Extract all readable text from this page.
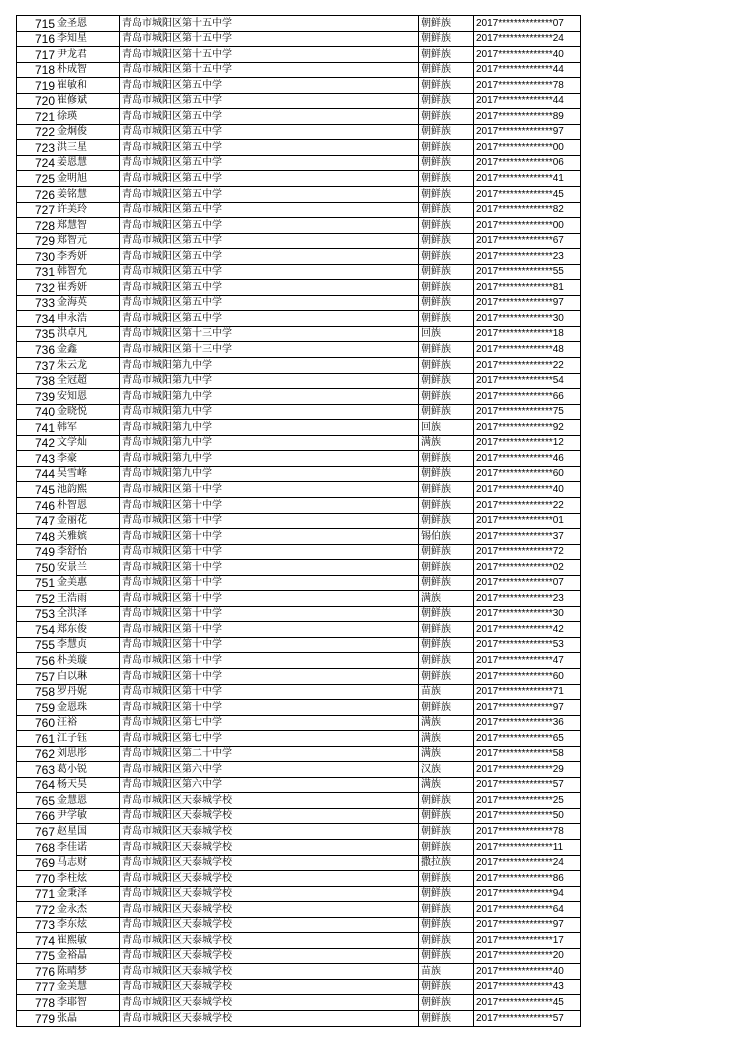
715	金圣恩	青岛市城阳区第十五中学	朝鲜族	2017**************07
716	李知星	青岛市城阳区第十五中学	朝鲜族	2017**************24
717	尹龙君	青岛市城阳区第十五中学	朝鲜族	2017**************40
718	朴成智	青岛市城阳区第十五中学	朝鲜族	2017**************44
719	崔敏和	青岛市城阳区第五中学	朝鲜族	2017**************78
720	崔修斌	青岛市城阳区第五中学	朝鲜族	2017**************44
721	徐瑛	青岛市城阳区第五中学	朝鲜族	2017**************89
722	金炯俊	青岛市城阳区第五中学	朝鲜族	2017**************97
723	洪三星	青岛市城阳区第五中学	朝鲜族	2017**************00
724	姜恩慧	青岛市城阳区第五中学	朝鲜族	2017**************06
725	金明旭	青岛市城阳区第五中学	朝鲜族	2017**************41
726	姜铭慧	青岛市城阳区第五中学	朝鲜族	2017**************45
727	许美玲	青岛市城阳区第五中学	朝鲜族	2017**************82
728	郑慧智	青岛市城阳区第五中学	朝鲜族	2017**************00
729	郑智元	青岛市城阳区第五中学	朝鲜族	2017**************67
730	李秀妍	青岛市城阳区第五中学	朝鲜族	2017**************23
731	韩智允	青岛市城阳区第五中学	朝鲜族	2017**************55
732	崔秀妍	青岛市城阳区第五中学	朝鲜族	2017**************81
733	金海英	青岛市城阳区第五中学	朝鲜族	2017**************97
734	申永浩	青岛市城阳区第五中学	朝鲜族	2017**************30
735	洪卓凡	青岛市城阳区第十三中学	回族	2017**************18
736	金鑫	青岛市城阳区第十三中学	朝鲜族	2017**************48
737	朱云龙	青岛市城阳第九中学	朝鲜族	2017**************22
738	全冠超	青岛市城阳第九中学	朝鲜族	2017**************54
739	安知恩	青岛市城阳第九中学	朝鲜族	2017**************66
740	金晓悦	青岛市城阳第九中学	朝鲜族	2017**************75
741	韩军	青岛市城阳第九中学	回族	2017**************92
742	文学灿	青岛市城阳第九中学	满族	2017**************12
743	李豪	青岛市城阳第九中学	朝鲜族	2017**************46
744	吴雪峰	青岛市城阳第九中学	朝鲜族	2017**************60
745	池韵熙	青岛市城阳区第十中学	朝鲜族	2017**************40
746	朴智恩	青岛市城阳区第十中学	朝鲜族	2017**************22
747	金丽花	青岛市城阳区第十中学	朝鲜族	2017**************01
748	关雅嫔	青岛市城阳区第十中学	锡伯族	2017**************37
749	李舒怡	青岛市城阳区第十中学	朝鲜族	2017**************72
750	安景兰	青岛市城阳区第十中学	朝鲜族	2017**************02
751	金美惠	青岛市城阳区第十中学	朝鲜族	2017**************07
752	王浩雨	青岛市城阳区第十中学	满族	2017**************23
753	全洪泽	青岛市城阳区第十中学	朝鲜族	2017**************30
754	郑东俊	青岛市城阳区第十中学	朝鲜族	2017**************42
755	李慧贞	青岛市城阳区第十中学	朝鲜族	2017**************53
756	朴美璇	青岛市城阳区第十中学	朝鲜族	2017**************47
757	白以琳	青岛市城阳区第十中学	朝鲜族	2017**************60
758	罗丹妮	青岛市城阳区第十中学	苗族	2017**************71
759	金恩珠	青岛市城阳区第十中学	朝鲜族	2017**************97
760	汪裕	青岛市城阳区第七中学	满族	2017**************36
761	江子钰	青岛市城阳区第七中学	满族	2017**************65
762	刘思彤	青岛市城阳区第二十中学	满族	2017**************58
763	葛小锐	青岛市城阳区第六中学	汉族	2017**************29
764	杨天昊	青岛市城阳区第六中学	满族	2017**************57
765	金慧恩	青岛市城阳区天泰城学校	朝鲜族	2017**************25
766	尹学敏	青岛市城阳区天泰城学校	朝鲜族	2017**************50
767	赵星国	青岛市城阳区天泰城学校	朝鲜族	2017**************78
768	李佳诺	青岛市城阳区天泰城学校	朝鲜族	2017**************11
769	马志财	青岛市城阳区天泰城学校	撒拉族	2017**************24
770	李柱炫	青岛市城阳区天泰城学校	朝鲜族	2017**************86
771	金秉泽	青岛市城阳区天泰城学校	朝鲜族	2017**************94
772	金永杰	青岛市城阳区天泰城学校	朝鲜族	2017**************64
773	李东炫	青岛市城阳区天泰城学校	朝鲜族	2017**************97
774	崔熙敏	青岛市城阳区天泰城学校	朝鲜族	2017**************17
775	金裕晶	青岛市城阳区天泰城学校	朝鲜族	2017**************20
776	陈晴梦	青岛市城阳区天泰城学校	苗族	2017**************40
777	金美慧	青岛市城阳区天泰城学校	朝鲜族	2017**************43
778	李耶智	青岛市城阳区天泰城学校	朝鲜族	2017**************45
779	张晶	青岛市城阳区天泰城学校	朝鲜族	2017**************57
